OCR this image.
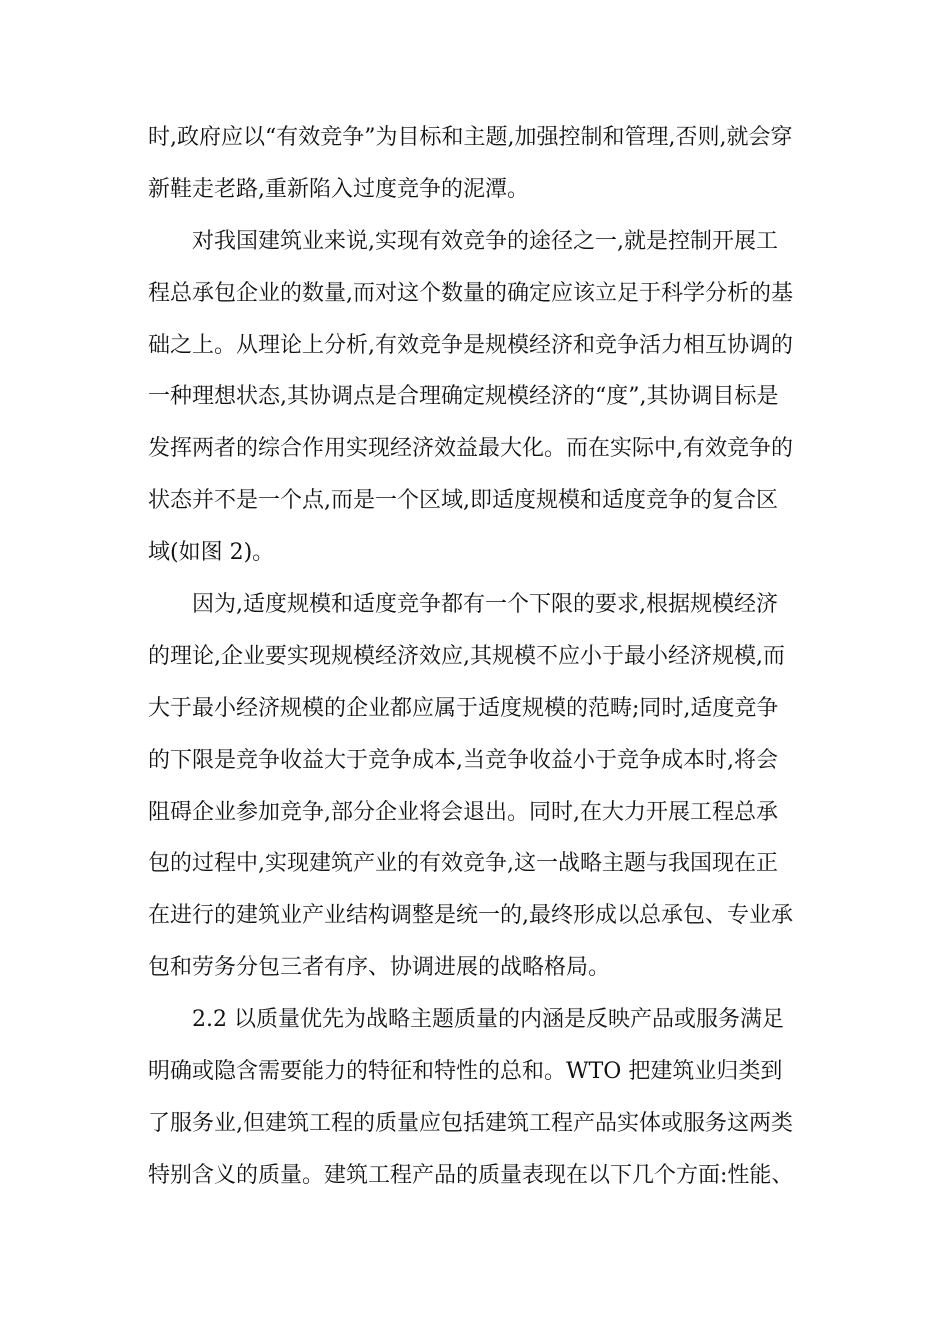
时,政府应以“有效竞争”为目标和主题,加强控制和管理,否则,就会穿
新鞋走老路,重新陷入过度竞争的泥潭。
对我国建筑业来说,实现有效竞争的途径之一,就是控制开展工
程总承包企业的数量,而对这个数量的确定应该立足于科学分析的基
础之上。从理论上分析,有效竞争是规模经济和竞争活力相互协调的
一种理想状态,其协调点是合理确定规模经济的“度”,其协调目标是
发挥两者的综合作用实现经济效益最大化。而在实际中,有效竞争的
状态并不是一个点,而是一个区域,即适度规模和适度竞争的复合区
域(如图 2)。
因为,适度规模和适度竞争都有一个下限的要求,根据规模经济
的理论,企业要实现规模经济效应,其规模不应小于最小经济规模,而
大于最小经济规模的企业都应属于适度规模的范畴;同时,适度竞争
的下限是竞争收益大于竞争成本,当竞争收益小于竞争成本时,将会
阻碍企业参加竞争,部分企业将会退出。同时,在大力开展工程总承
包的过程中,实现建筑产业的有效竞争,这一战略主题与我国现在正
在进行的建筑业产业结构调整是统一的,最终形成以总承包、专业承
包和劳务分包三者有序、协调进展的战略格局。
2.2 以质量优先为战略主题质量的内涵是反映产品或服务满足
明确或隐含需要能力的特征和特性的总和。WTO 把建筑业归类到
了服务业,但建筑工程的质量应包括建筑工程产品实体或服务这两类
特别含义的质量。建筑工程产品的质量表现在以下几个方面:性能、
